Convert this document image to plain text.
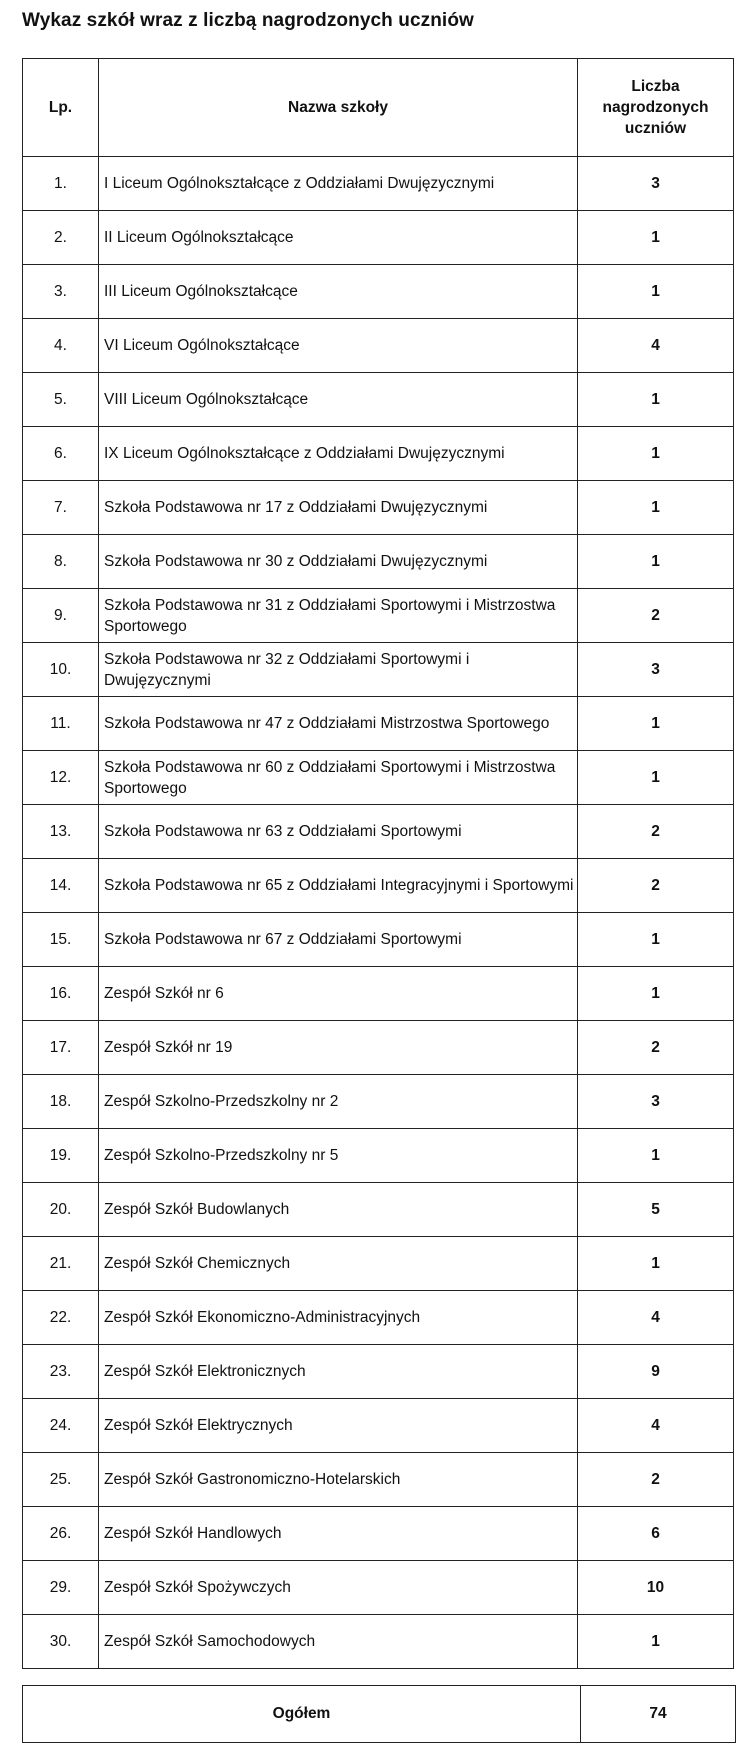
Wykaz szkół wraz z liczbą nagrodzonych uczniów
Lp.	Nazwa szkoły	Liczba nagrodzonych uczniów

1.	I Liceum Ogólnokształcące z Oddziałami Dwujęzycznymi	3
2.	II Liceum Ogólnokształcące	1
3.	III Liceum Ogólnokształcące	1
4.	VI Liceum Ogólnokształcące	4
5.	VIII Liceum Ogólnokształcące	1
6.	IX Liceum Ogólnokształcące z Oddziałami Dwujęzycznymi	1
7.	Szkoła Podstawowa nr 17 z Oddziałami Dwujęzycznymi	1
8.	Szkoła Podstawowa nr 30 z Oddziałami Dwujęzycznymi	1
9.	Szkoła Podstawowa nr 31 z Oddziałami Sportowymi i Mistrzostwa Sportowego	2
10.	Szkoła Podstawowa nr 32 z Oddziałami Sportowymi i Dwujęzycznymi	3
11.	Szkoła Podstawowa nr 47 z Oddziałami Mistrzostwa Sportowego	1
12.	Szkoła Podstawowa nr 60 z Oddziałami Sportowymi i Mistrzostwa Sportowego	1
13.	Szkoła Podstawowa nr 63 z Oddziałami Sportowymi	2
14.	Szkoła Podstawowa nr 65 z Oddziałami Integracyjnymi i Sportowymi	2
15.	Szkoła Podstawowa nr 67 z Oddziałami Sportowymi	1
16.	Zespół Szkół nr 6	1
17.	Zespół Szkół nr 19	2
18.	Zespół Szkolno-Przedszkolny nr 2	3
19.	Zespół Szkolno-Przedszkolny nr 5	1
20.	Zespół Szkół Budowlanych	5
21.	Zespół Szkół Chemicznych	1
22.	Zespół Szkół Ekonomiczno-Administracyjnych	4
23.	Zespół Szkół Elektronicznych	9
24.	Zespół Szkół Elektrycznych	4
25.	Zespół Szkół Gastronomiczno-Hotelarskich	2
26.	Zespół Szkół Handlowych	6
29.	Zespół Szkół Spożywczych	10
30.	Zespół Szkół Samochodowych	1
Ogółem	74
